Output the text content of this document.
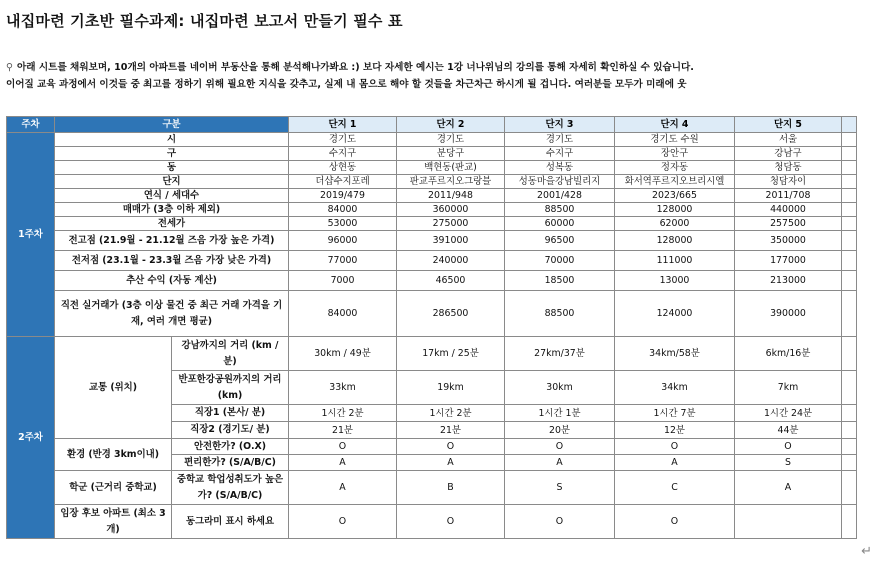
내집마련 기초반 필수과제: 내집마련 보고서 만들기 필수 표
⚲ 아래 시트를 채워보며, 10개의 아파트를 네이버 부동산을 통해 분석해나가봐요 :) 보다 자세한 예시는 1강 너나위님의 강의를 통해 자세히 확인하실 수 있습니다.
이어질 교육 과정에서 이것들 중 최고를 정하기 위해 필요한 지식을 갖추고, 실제 내 몸으로 해야 할 것들을 차근차근 하시게 될 겁니다. 여러분들 모두가 미래에 웃
주차	구분		단지 1	단지 2	단지 3	단지 4	단지 5	
1주차	시		경기도	경기도	경기도	경기도 수원	서울	
	구		수지구	분당구	수지구	장안구	강남구	
	동		상현동	백현동(판교)	성복동	정자동	청담동	
	단지		더샵수지포레	판교푸르지오그랑블	성동마을강남빌리지	화서역푸르지오브리시엘	청담자이	
	연식 / 세대수		2019/479	2011/948	2001/428	2023/665	2011/708	
	매매가 (3층 이하 제외)		84000	360000	88500	128000	440000	
	전세가		53000	275000	60000	62000	257500	
	전고점 (21.9월 - 21.12월 즈음 가장 높은 가격)		96000	391000	96500	128000	350000	
	전저점 (23.1월 - 23.3월 즈음 가장 낮은 가격)		77000	240000	70000	111000	177000	
	추산 수익 (자동 계산)		7000	46500	18500	13000	213000	
	직전 실거래가 (3층 이상 물건 중 최근 거래 가격을 기재, 여러 개면 평균)		84000	286500	88500	124000	390000	
2주차	교통 (위치)	강남까지의 거리 (km / 분)	30km / 49분	17km / 25분	27km/37분	34km/58분	6km/16분	
		반포한강공원까지의 거리 (km)	33km	19km	30km	34km	7km	
		직장1 (본사/ 분)	1시간 2분	1시간 2분	1시간 1분	1시간 7분	1시간 24분	
		직장2 (경기도/ 분)	21분	21분	20분	12분	44분	
	환경 (반경 3km이내)	안전한가? (O.X)	O	O	O	O	O	
		편리한가? (S/A/B/C)	A	A	A	A	S	
	학군 (근거리 중학교)	중학교 학업성취도가 높은가? (S/A/B/C)	A	B	S	C	A	
	임장 후보 아파트 (최소 3개)	동그라미 표시 하세요	O	O	O	O		
↵
